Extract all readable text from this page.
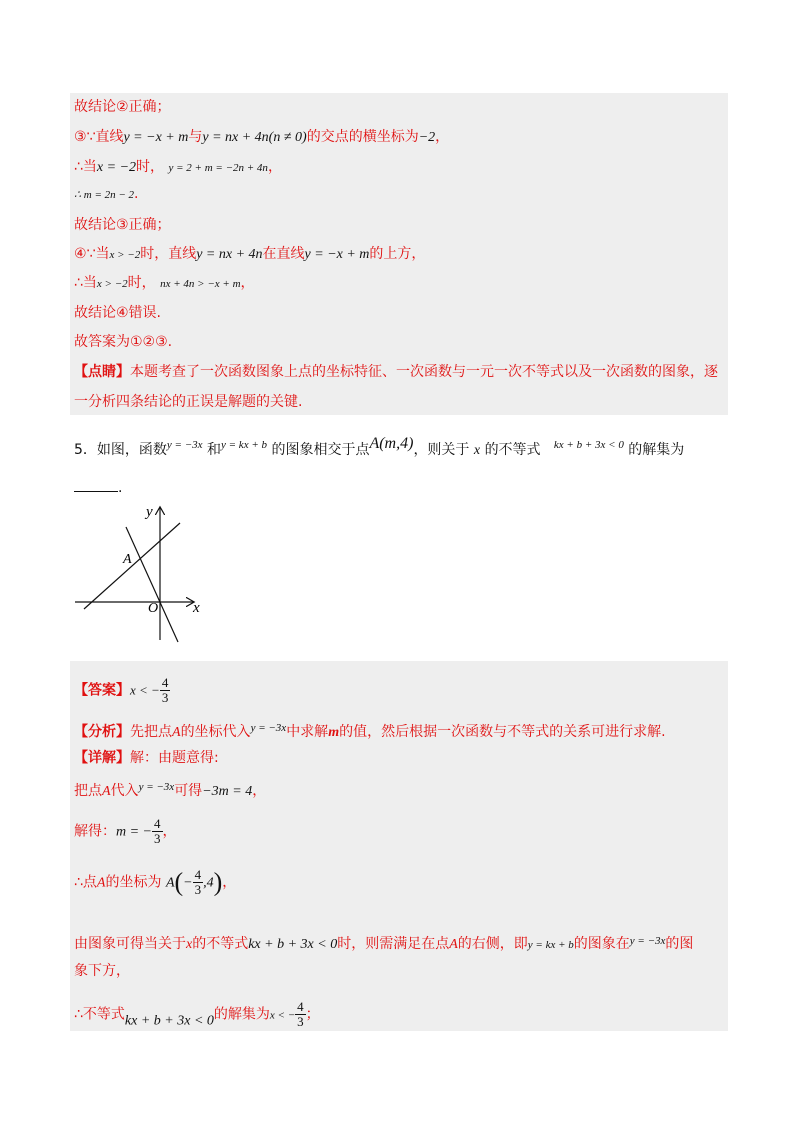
故结论②正确；
③∵直线y = −x + m与y = nx + 4n(n ≠ 0)的交点的横坐标为−2，
∴当x = −2时， y = 2 + m = −2n + 4n，
∴ m = 2n − 2.
故结论③正确；
④∵当x > −2时，直线y = nx + 4n在直线y = −x + m的上方，
∴当x > −2时， nx + 4n > −x + m，
故结论④错误.
故答案为①②③.
【点睛】本题考查了一次函数图象上点的坐标特征、一次函数与一元一次不等式以及一次函数的图象，逐
一分析四条结论的正误是解题的关键.
5．如图，函数$^{y = -3x}$ 和$^{y = kx + b}$ 的图象相交于点A(m,4)，则关于 x 的不等式 $^{kx + b + 3x < 0}$ 的解集为
.
y
x
O
A
【答案】x < − $\frac{4}{3}$
【分析】先把点A的坐标代入$^{y = -3x}$中求解m的值，然后根据一次函数与不等式的关系可进行求解.
【详解】解：由题意得:
把点A代入$^{y = -3x}$可得−3m = 4，
解得：m = − $\frac{4}{3}$ ，
∴点A的坐标为 $A(- \frac{4}{3} ,4)$，
由图象可得当关于x的不等式kx + b + 3x < 0时，则需满足在点A的右侧，即y = kx + b的图象在$^{y = -3x}$的图
象下方，
∴不等式kx + b + 3x < 0的解集为x < − $\frac{4}{3}$ ；
